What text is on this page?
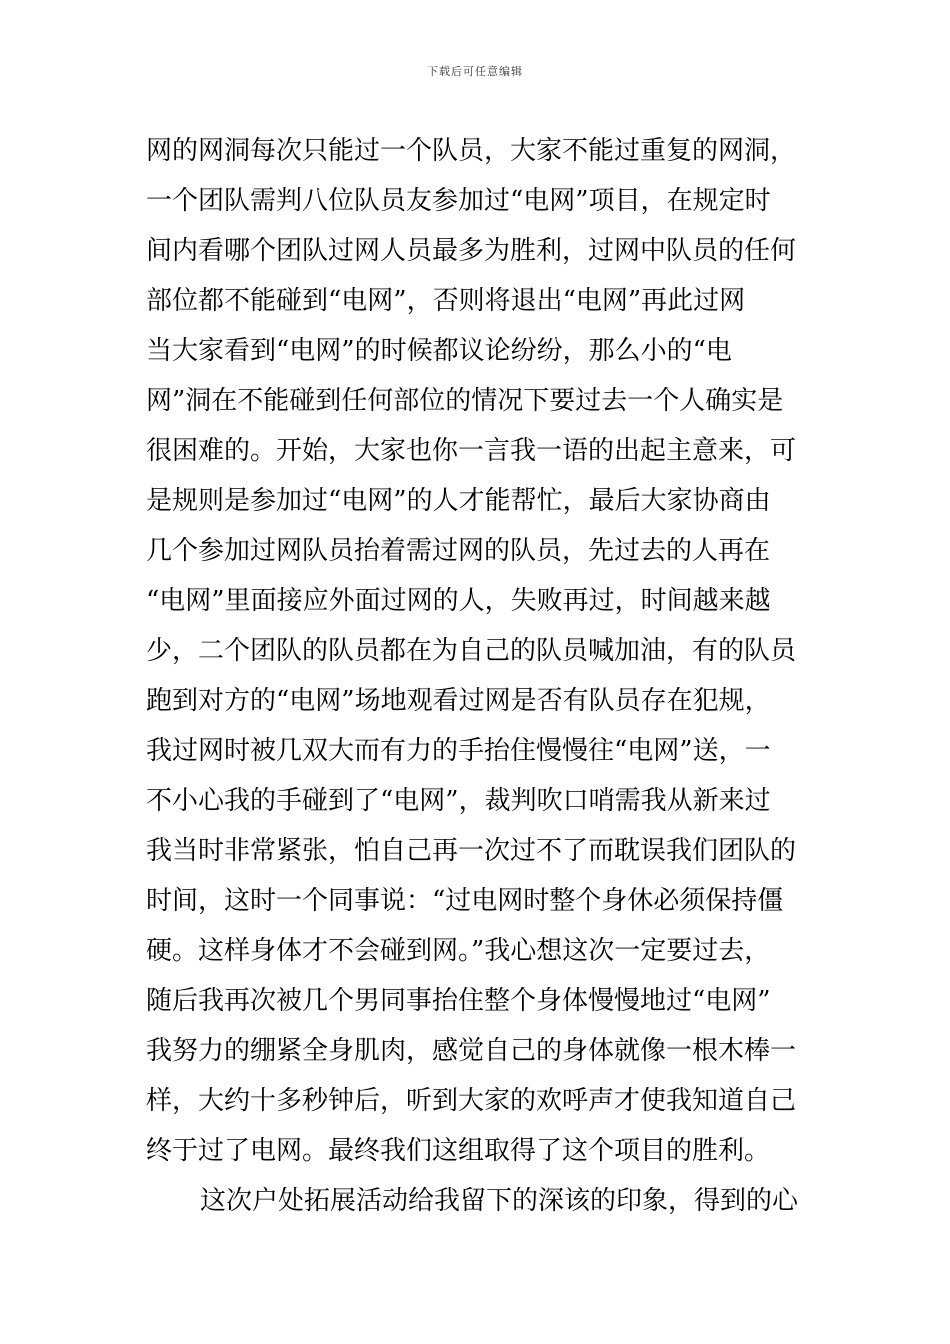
下载后可任意编辑
网的网洞每次只能过一个队员，大家不能过重复的网洞，
一个团队需判八位队员友参加过“电网”项目，在规定时
间内看哪个团队过网人员最多为胜利，过网中队员的任何
部位都不能碰到“电网”，否则将退出“电网”再此过网
当大家看到“电网”的时候都议论纷纷，那么小的“电
网”洞在不能碰到任何部位的情况下要过去一个人确实是
很困难的。开始，大家也你一言我一语的出起主意来，可
是规则是参加过“电网”的人才能帮忙，最后大家协商由
几个参加过网队员抬着需过网的队员，先过去的人再在
“电网”里面接应外面过网的人，失败再过，时间越来越
少，二个团队的队员都在为自己的队员喊加油，有的队员
跑到对方的“电网”场地观看过网是否有队员存在犯规，
我过网时被几双大而有力的手抬住慢慢往“电网”送，一
不小心我的手碰到了“电网”，裁判吹口哨需我从新来过
我当时非常紧张，怕自己再一次过不了而耽误我们团队的
时间，这时一个同事说：“过电网时整个身休必须保持僵
硬。这样身体才不会碰到网。”我心想这次一定要过去，
随后我再次被几个男同事抬住整个身体慢慢地过“电网”
我努力的绷紧全身肌肉，感觉自己的身体就像一根木棒一
样，大约十多秒钟后，听到大家的欢呼声才使我知道自己
终于过了电网。最终我们这组取得了这个项目的胜利。
这次户处拓展活动给我留下的深该的印象，得到的心
